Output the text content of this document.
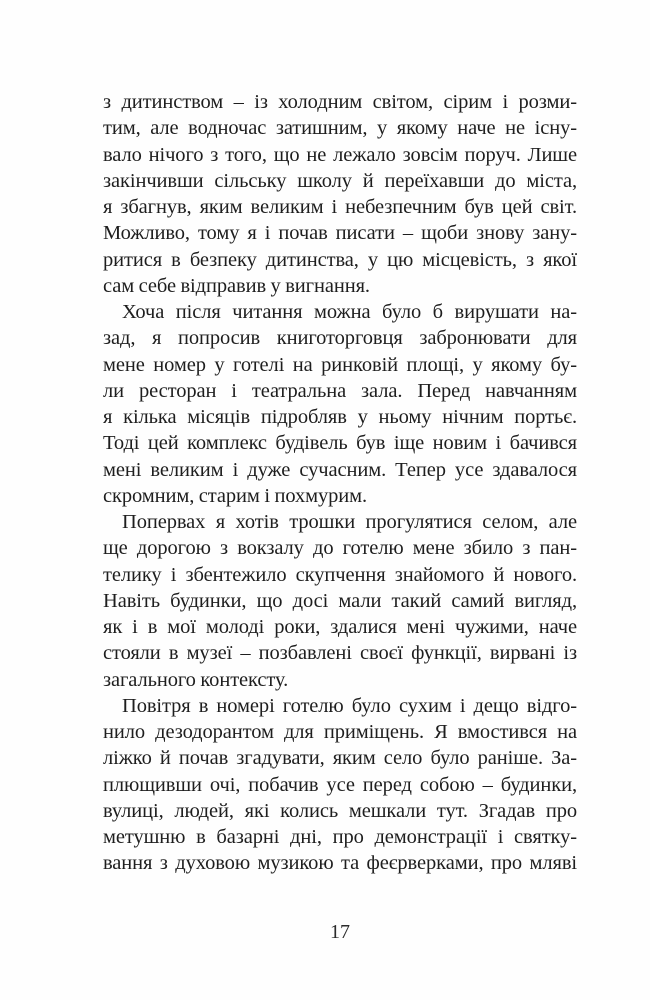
з дитинством – із холодним світом, сірим і розми-
тим, але водночас затишним, у якому наче не існу-
вало нічого з того, що не лежало зовсім поруч. Лише
закінчивши сільську школу й переїхавши до міста,
я збагнув, яким великим і небезпечним був цей світ.
Можливо, тому я і почав писати – щоби знову зану-
ритися в безпеку дитинства, у цю місцевість, з якої
сам себе відправив у вигнання.
Хоча після читання можна було б вирушати на-
зад, я попросив книготорговця забронювати для
мене номер у готелі на ринковій площі, у якому бу-
ли ресторан і театральна зала. Перед навчанням
я кілька місяців підробляв у ньому нічним портьє.
Тоді цей комплекс будівель був іще новим і бачився
мені великим і дуже сучасним. Тепер усе здавалося
скромним, старим і похмурим.
Попервах я хотів трошки прогулятися селом, але
ще дорогою з вокзалу до готелю мене збило з пан-
телику і збентежило скупчення знайомого й нового.
Навіть будинки, що досі мали такий самий вигляд,
як і в мої молоді роки, здалися мені чужими, наче
стояли в музеї – позбавлені своєї функції, вирвані із
загального контексту.
Повітря в номері готелю було сухим і дещо відго-
нило дезодорантом для приміщень. Я вмостився на
ліжко й почав згадувати, яким село було раніше. За-
плющивши очі, побачив усе перед собою – будинки,
вулиці, людей, які колись мешкали тут. Згадав про
метушню в базарні дні, про демонстрації і святку-
вання з духовою музикою та феєрверками, про мляві
17
